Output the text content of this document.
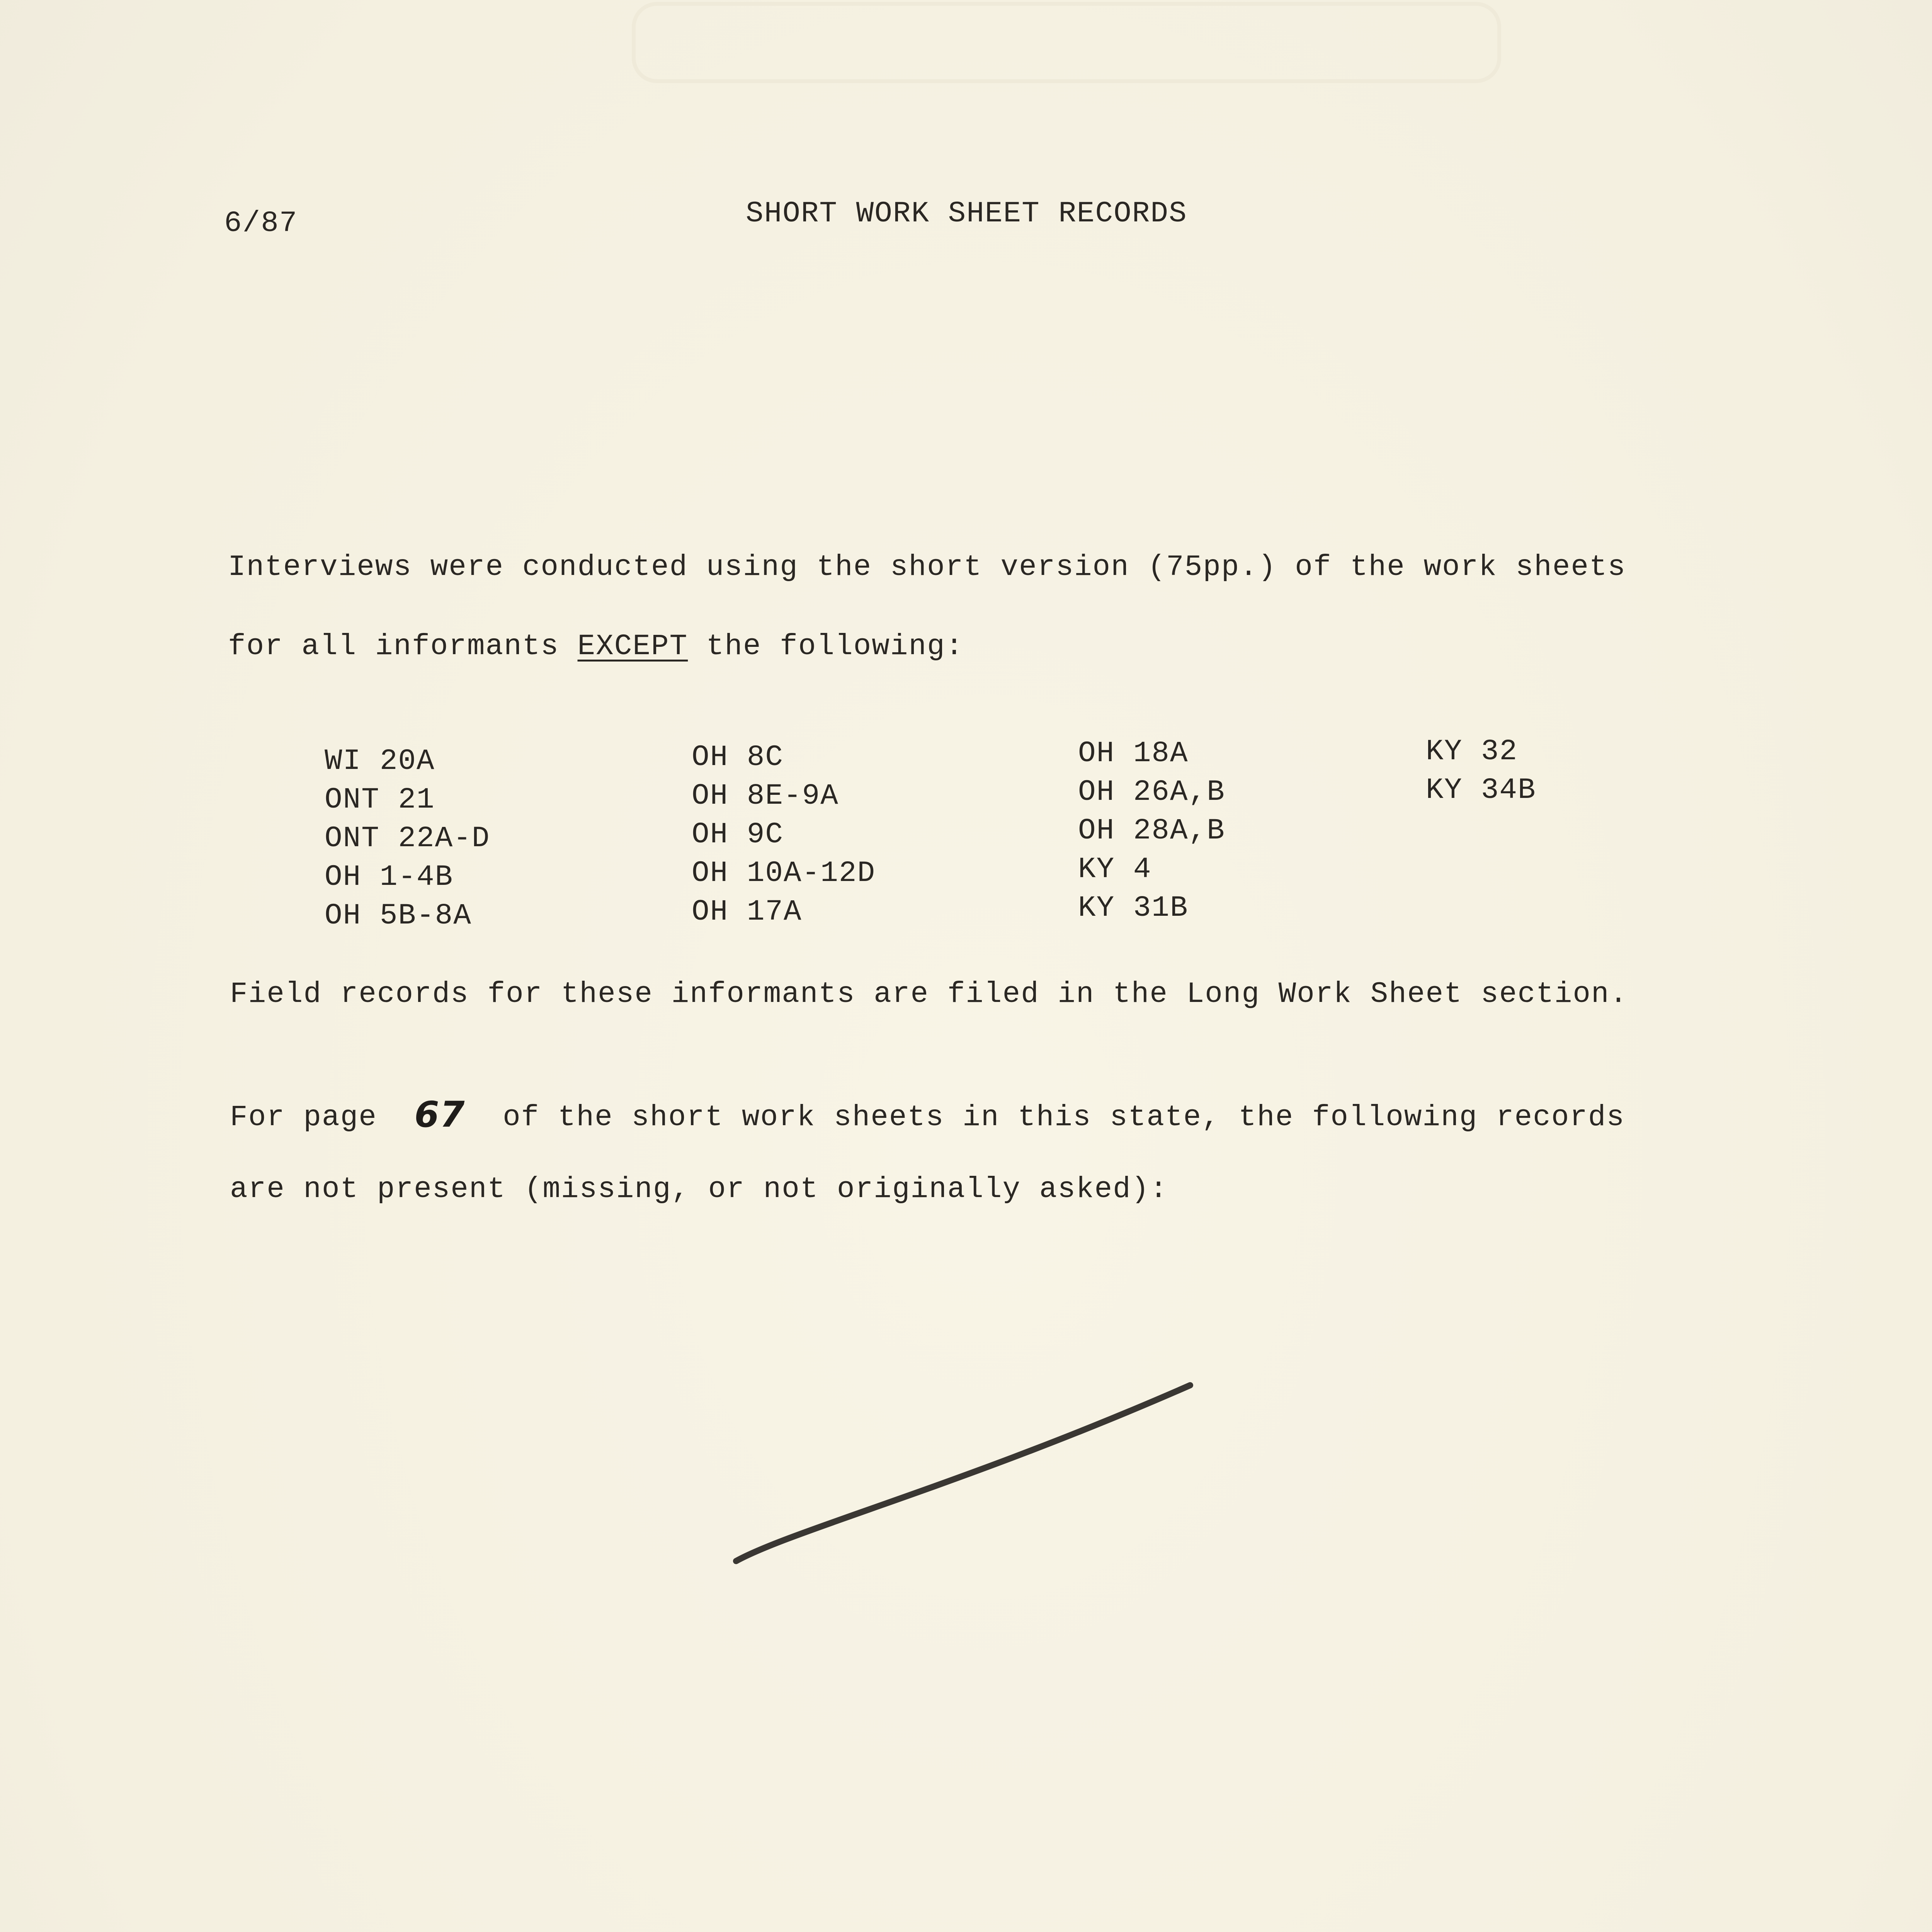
6/87	SHORT WORK SHEET RECORDS
Interviews were conducted using the short version (75pp.) of the work sheets
for all informants EXCEPT the following:
WI 20A
ONT 21
ONT 22A-D
OH 1-4B
OH 5B-8A
OH 8C
OH 8E-9A
OH 9C
OH 10A-12D
OH 17A
OH 18A
OH 26A,B
OH 28A,B
KY 4
KY 31B
KY 32
KY 34B
Field records for these informants are filed in the Long Work Sheet section.
For page 67 of the short work sheets in this state, the following records
are not present (missing, or not originally asked):
